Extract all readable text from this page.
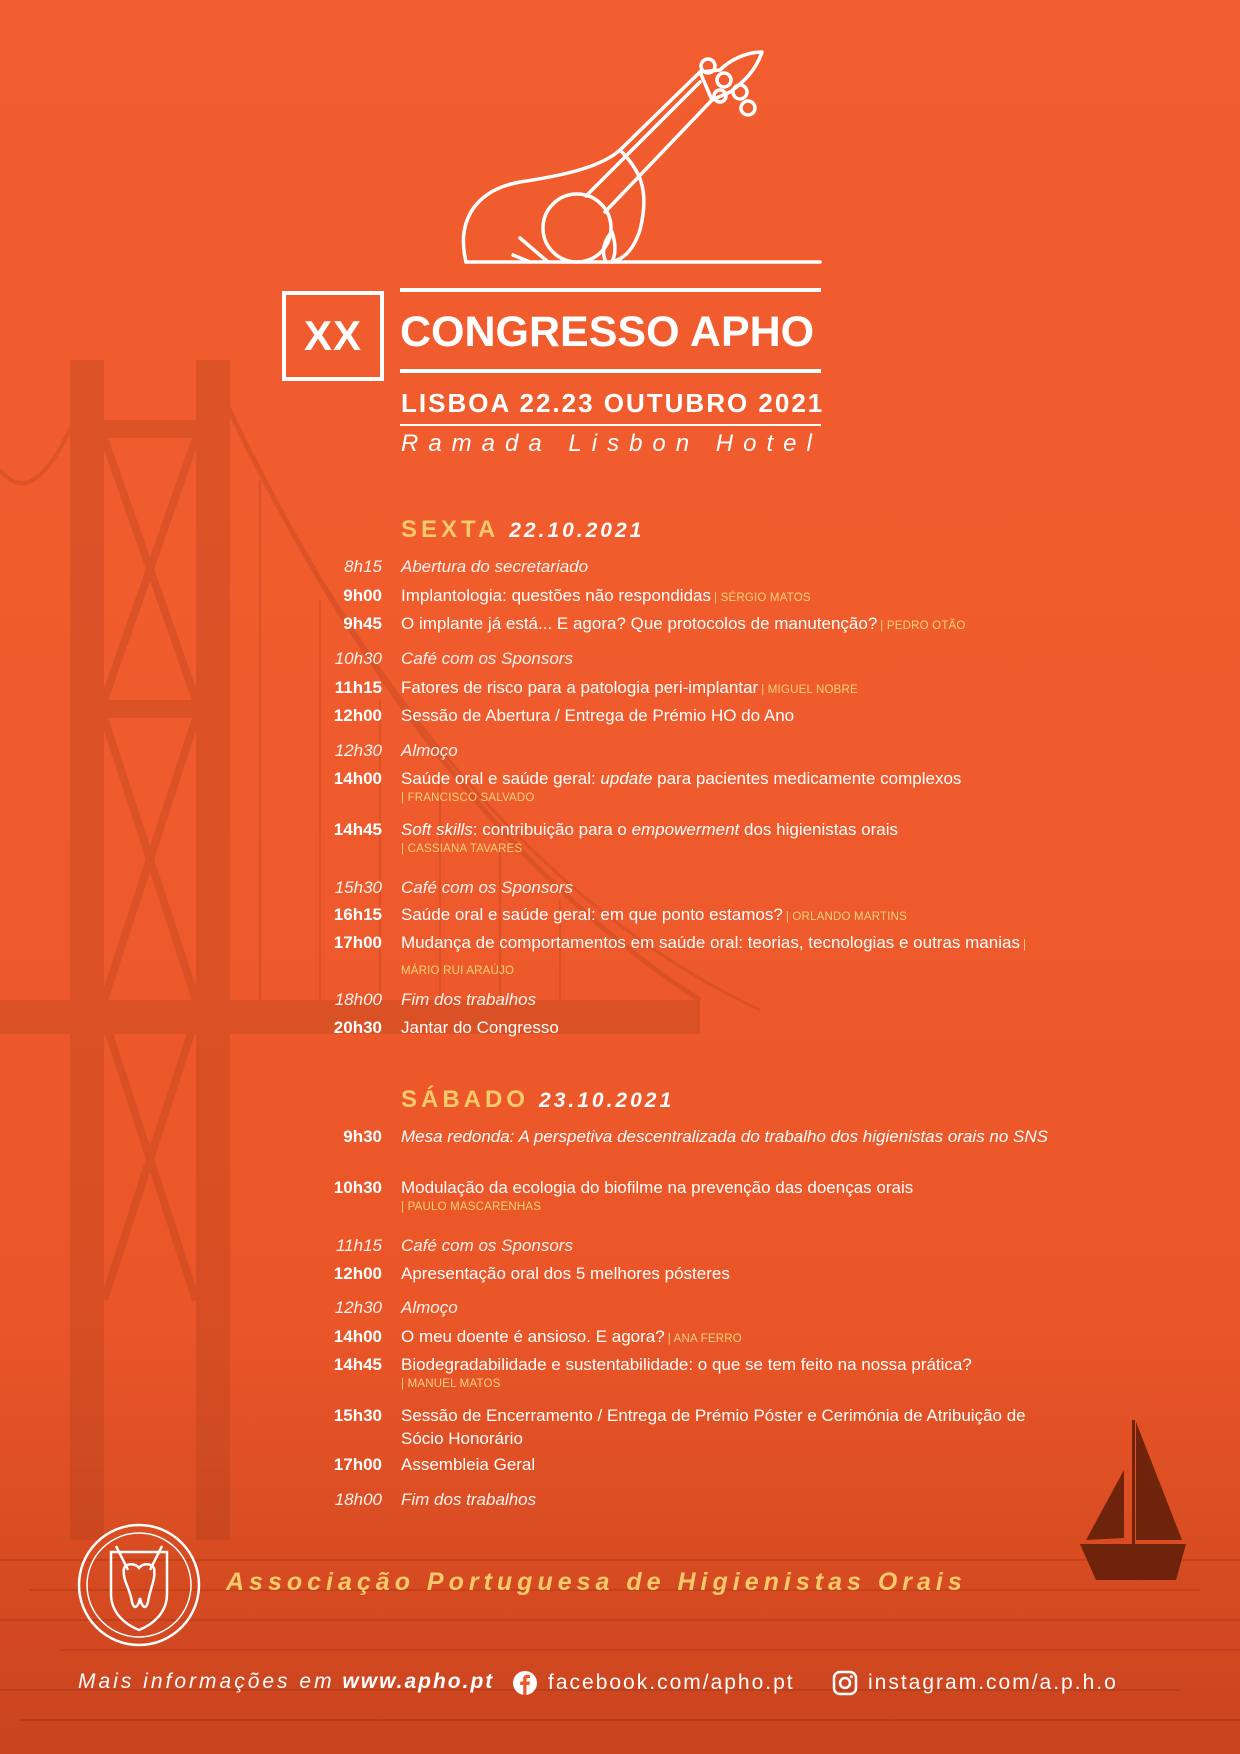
XX CONGRESSO APHO
LISBOA 22.23 OUTUBRO 2021
Ramada Lisbon Hotel
SEXTA 22.10.2021
8h15 Abertura do secretariado
9h00 Implantologia: questões não respondidas | SÉRGIO MATOS
9h45 O implante já está... E agora? Que protocolos de manutenção? | PEDRO OTÃO
10h30 Café com os Sponsors
11h15 Fatores de risco para a patologia peri-implantar | MIGUEL NOBRE
12h00 Sessão de Abertura / Entrega de Prémio HO do Ano
12h30 Almoço
14h00 Saúde oral e saúde geral: update para pacientes medicamente complexos
| FRANCISCO SALVADO
14h45 Soft skills: contribuição para o empowerment dos higienistas orais
| CASSIANA TAVARES
15h30 Café com os Sponsors
16h15 Saúde oral e saúde geral: em que ponto estamos? | ORLANDO MARTINS
17h00 Mudança de comportamentos em saúde oral: teorias, tecnologias e outras manias | MÁRIO RUI ARAÚJO
18h00 Fim dos trabalhos
20h30 Jantar do Congresso
SÁBADO 23.10.2021
9h30 Mesa redonda: A perspetiva descentralizada do trabalho dos higienistas orais no SNS
10h30 Modulação da ecologia do biofilme na prevenção das doenças orais
| PAULO MASCARENHAS
11h15 Café com os Sponsors
12h00 Apresentação oral dos 5 melhores pósteres
12h30 Almoço
14h00 O meu doente é ansioso. E agora? | ANA FERRO
14h45 Biodegradabilidade e sustentabilidade: o que se tem feito na nossa prática?
| MANUEL MATOS
15h30 Sessão de Encerramento / Entrega de Prémio Póster e Cerimónia de Atribuição de Sócio Honorário
17h00 Assembleia Geral
18h00 Fim dos trabalhos
Associação Portuguesa de Higienistas Orais
Mais informações em
www.apho.pt	facebook.com/apho.pt	instagram.com/a.p.h.o
